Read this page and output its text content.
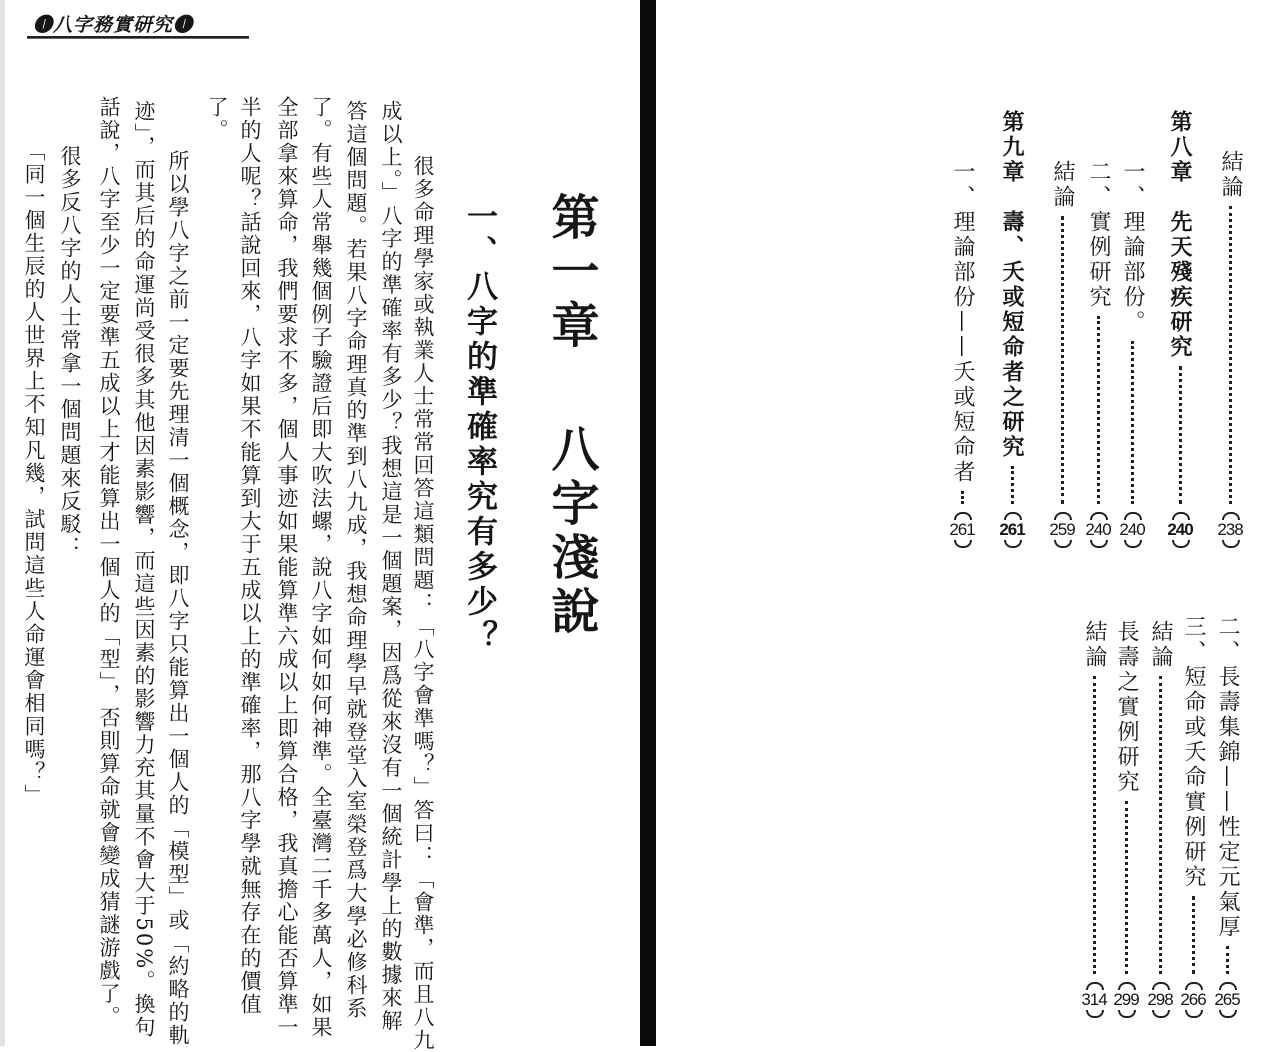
❶八字務實研究❶
第一章八字淺說
一、八字的準確率究有多少？
很多命理學家或執業人士常常回答這類問題：「八字會準嗎？」答曰：「會準，而且八九
成以上。」八字的準確率有多少？我想這是一個題案，因爲從來沒有一個統計學上的數據來解
答這個問題。若果八字命理真的準到八九成，我想命理學早就登堂入室榮登爲大學必修科系
了。有些人常舉幾個例子驗證后即大吹法螺，說八字如何如何神準。全臺灣二千多萬人，如果
全部拿來算命，我們要求不多，個人事迹如果能算準六成以上即算合格，我真擔心能否算準一
半的人呢？話說回來，八字如果不能算到大于五成以上的準確率，那八字學就無存在的價值
了。
所以學八字之前一定要先理清一個概念，即八字只能算出一個人的「模型」或「約略的軌
迹」，而其后的命運尚受很多其他因素影響，而這些因素的影響力充其量不會大于50%。換句
話說，八字至少一定要準五成以上才能算出一個人的「型」，否則算命就會變成猜謎游戲了。
很多反八字的人士常拿一個問題來反駁：
「同一個生辰的人世界上不知凡幾，試問這些人命運會相同嗎？」	結論
238
第八章　先天殘疾研究
240
一、理論部份。
240
二、實例研究
240
結論
259
第九章　壽、夭或短命者之研究
261
一、理論部份——夭或短命者
261
二、長壽集錦——性定元氣厚
265
三、短命或夭命實例研究
266
結論
298
長壽之實例研究
299
結論
314
